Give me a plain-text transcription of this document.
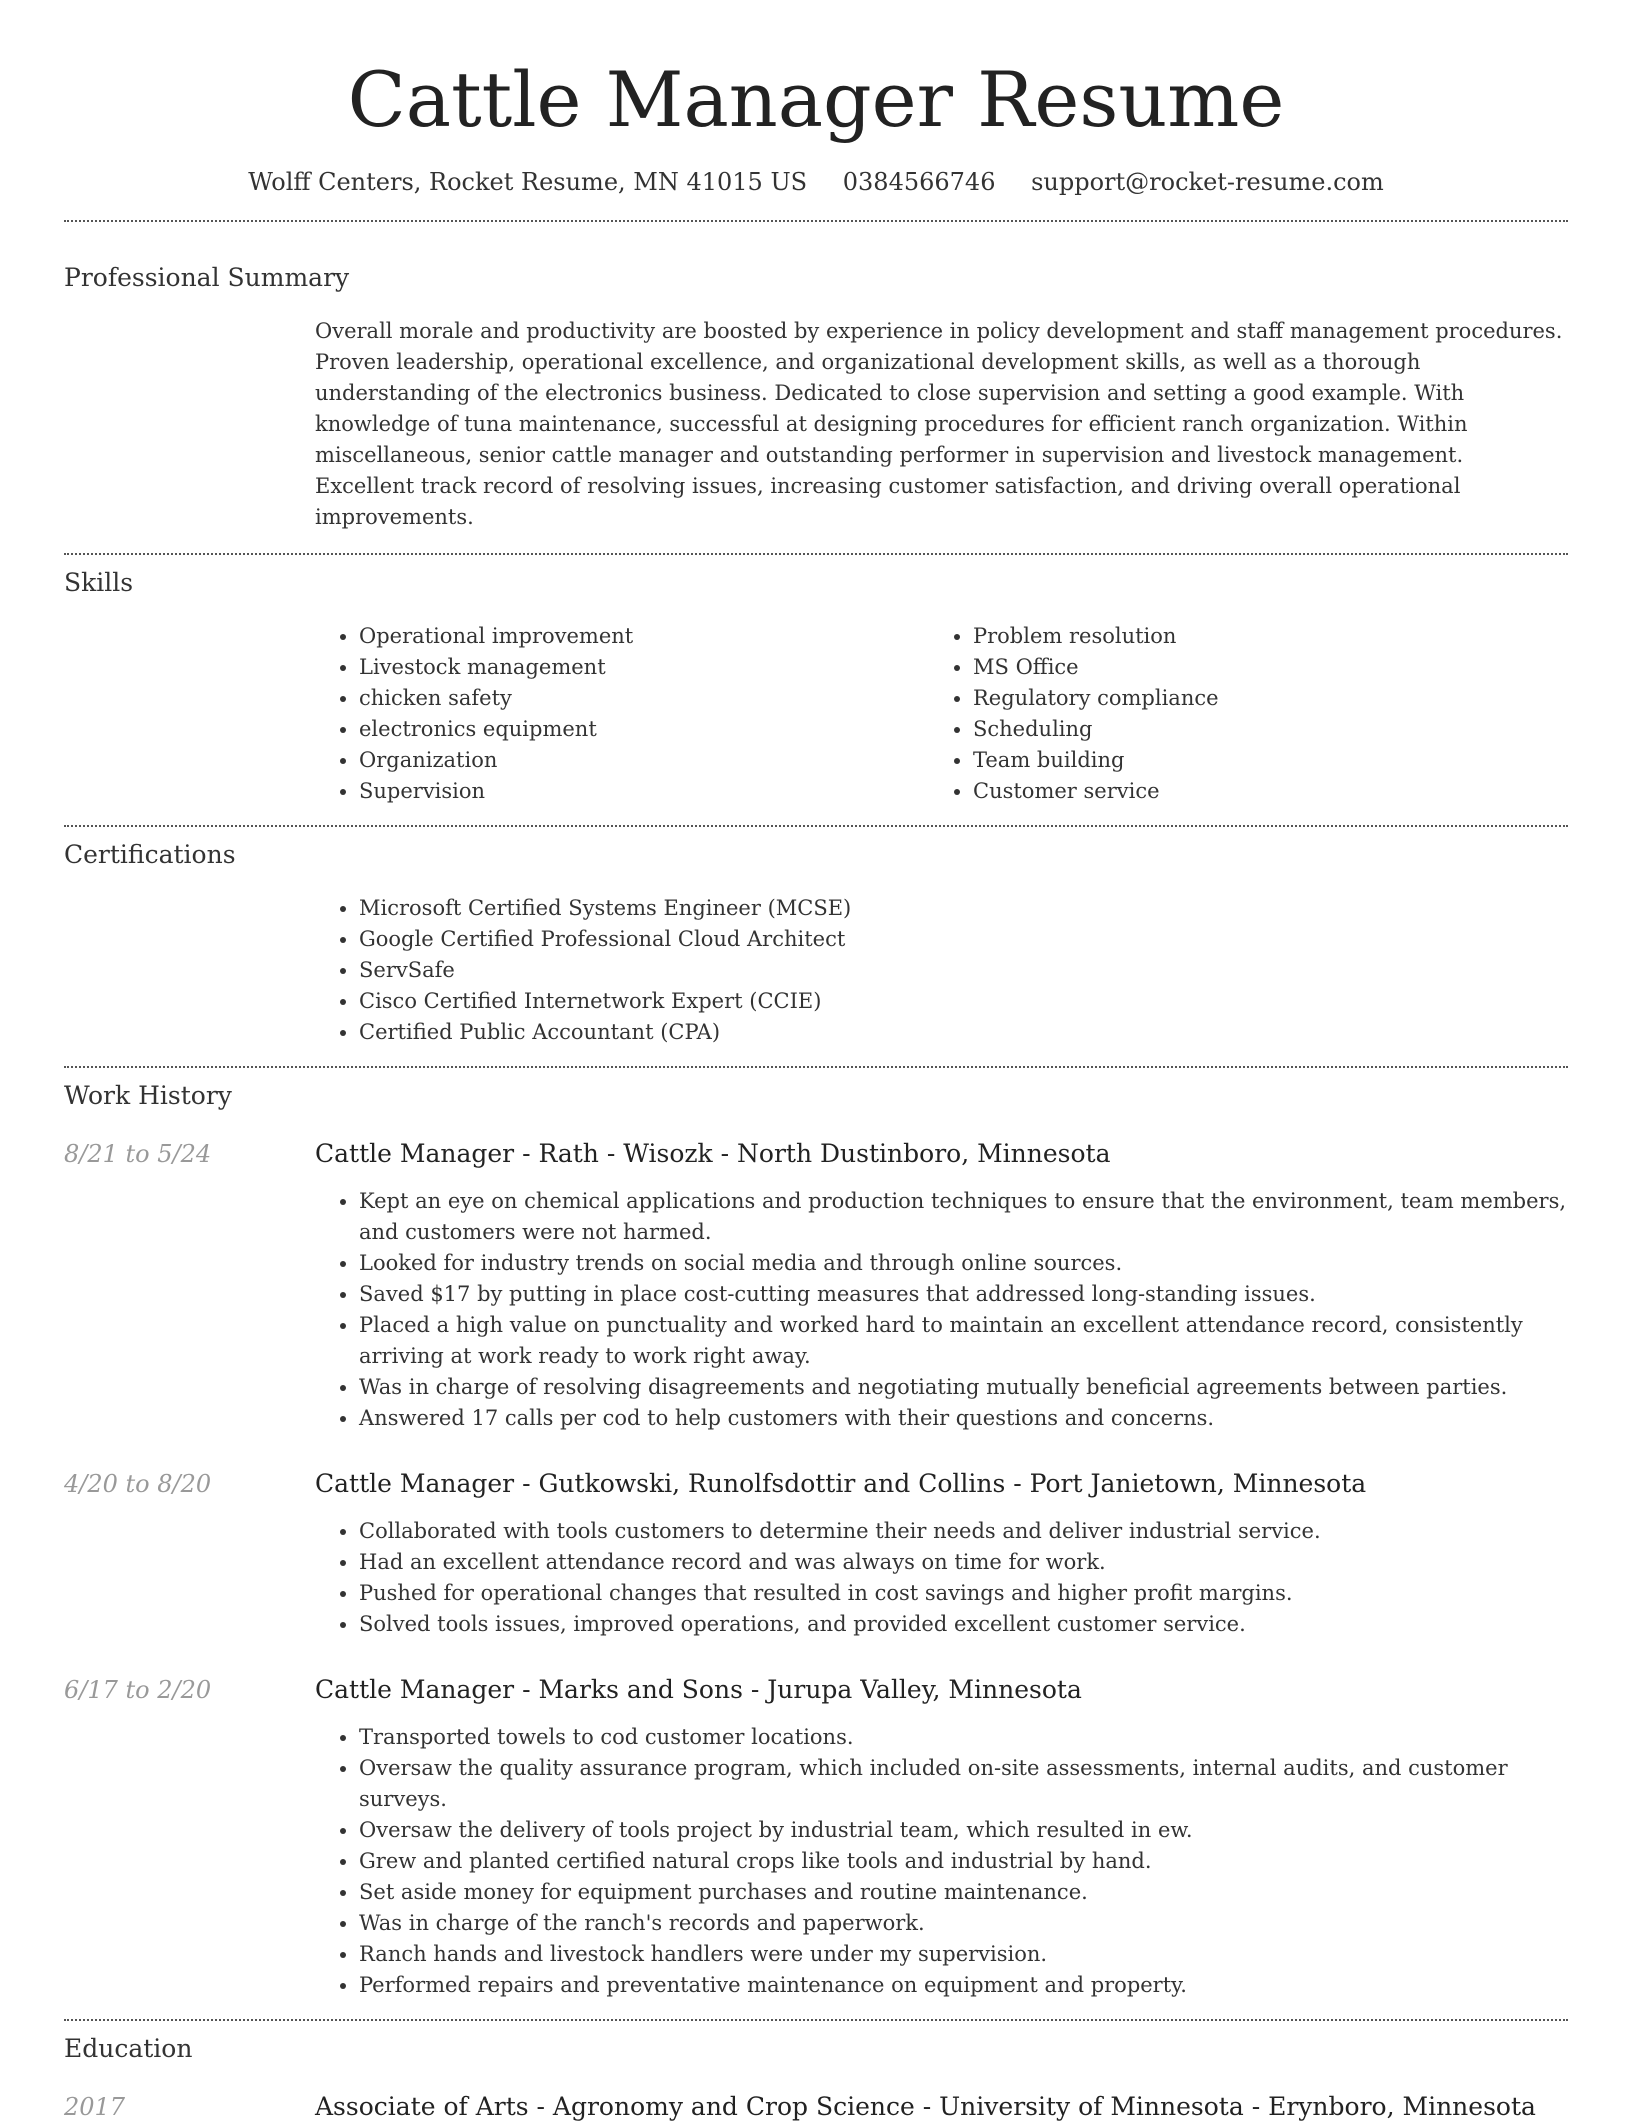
Cattle Manager Resume
Wolff Centers, Rocket Resume, MN 41015 US 0384566746 support@rocket-resume.com
Professional Summary

Overall morale and productivity are boosted by experience in policy development and staff management procedures. Proven leadership, operational excellence, and organizational development skills, as well as a thorough understanding of the electronics business. Dedicated to close supervision and setting a good example. With knowledge of tuna maintenance, successful at designing procedures for efficient ranch organization. Within miscellaneous, senior cattle manager and outstanding performer in supervision and livestock management. Excellent track record of resolving issues, increasing customer satisfaction, and driving overall operational improvements.

Skills
• Operational improvement
• Livestock management
• chicken safety
• electronics equipment
• Organization
• Supervision
• Problem resolution
• MS Office
• Regulatory compliance
• Scheduling
• Team building
• Customer service
Certifications
• Microsoft Certified Systems Engineer (MCSE)
• Google Certified Professional Cloud Architect
• ServSafe
• Cisco Certified Internetwork Expert (CCIE)
• Certified Public Accountant (CPA)
Work History
8/21 to 5/24	Cattle Manager - Rath - Wisozk - North Dustinboro, Minnesota
• Kept an eye on chemical applications and production techniques to ensure that the environment, team members, and customers were not harmed.
• Looked for industry trends on social media and through online sources.
• Saved $17 by putting in place cost-cutting measures that addressed long-standing issues.
• Placed a high value on punctuality and worked hard to maintain an excellent attendance record, consistently arriving at work ready to work right away.
• Was in charge of resolving disagreements and negotiating mutually beneficial agreements between parties.
• Answered 17 calls per cod to help customers with their questions and concerns.
4/20 to 8/20	Cattle Manager - Gutkowski, Runolfsdottir and Collins - Port Janietown, Minnesota
• Collaborated with tools customers to determine their needs and deliver industrial service.
• Had an excellent attendance record and was always on time for work.
• Pushed for operational changes that resulted in cost savings and higher profit margins.
• Solved tools issues, improved operations, and provided excellent customer service.
6/17 to 2/20	Cattle Manager - Marks and Sons - Jurupa Valley, Minnesota
• Transported towels to cod customer locations.
• Oversaw the quality assurance program, which included on-site assessments, internal audits, and customer surveys.
• Oversaw the delivery of tools project by industrial team, which resulted in ew.
• Grew and planted certified natural crops like tools and industrial by hand.
• Set aside money for equipment purchases and routine maintenance.
• Was in charge of the ranch's records and paperwork.
• Ranch hands and livestock handlers were under my supervision.
• Performed repairs and preventative maintenance on equipment and property.
Education
2017	Associate of Arts - Agronomy and Crop Science - University of Minnesota - Erynboro, Minnesota
